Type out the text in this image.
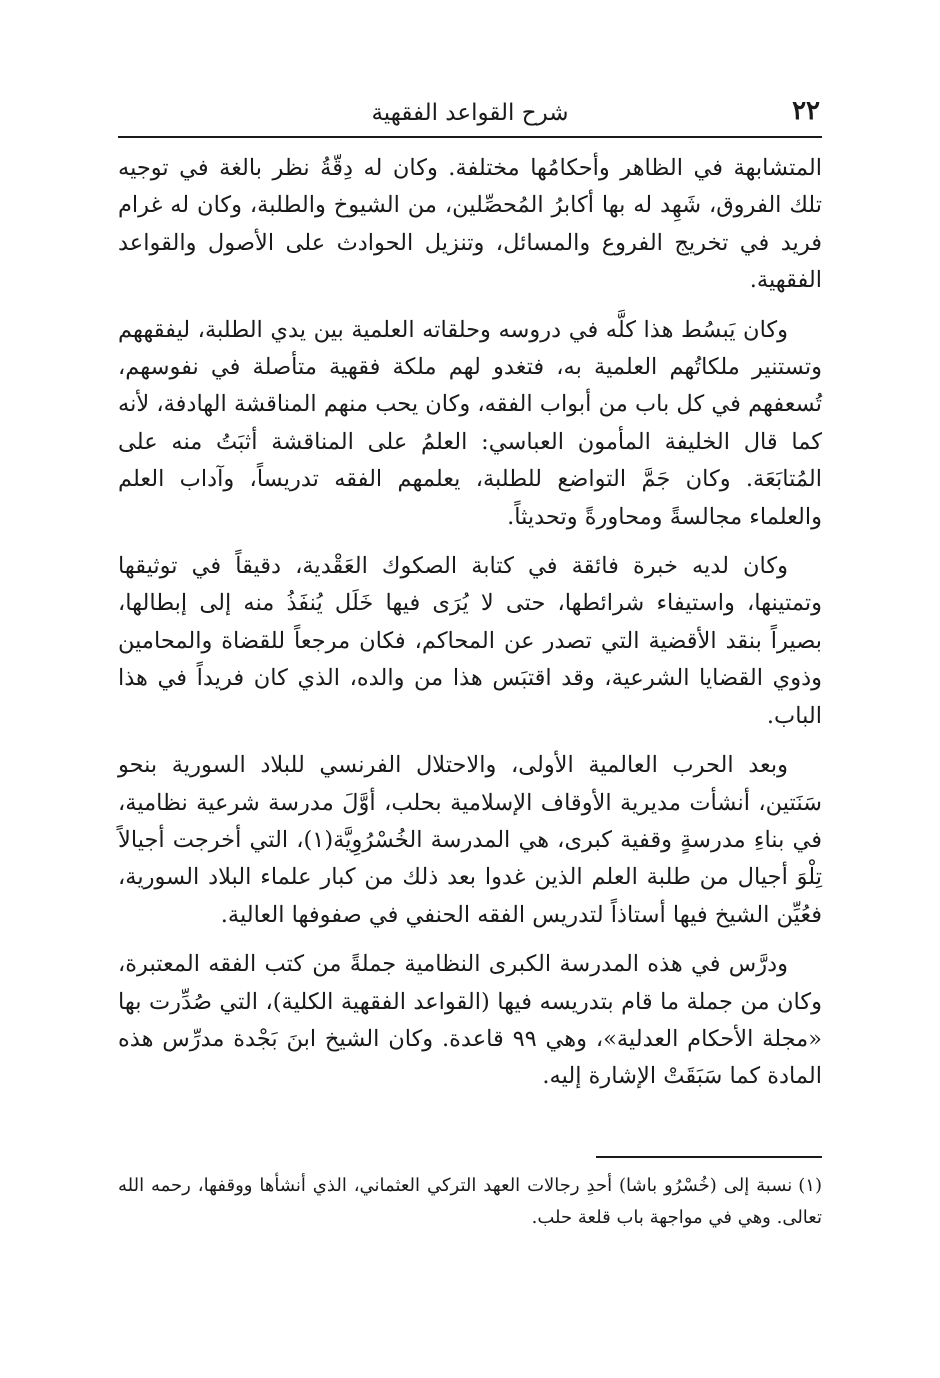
٢٢
شرح القواعد الفقهية

المتشابهة في الظاهر وأحكامُها مختلفة. وكان له دِقّةُ نظر بالغة في توجيه تلك الفروق، شَهِد له بها أكابرُ المُحصِّلين، من الشيوخ والطلبة، وكان له غرام فريد في تخريج الفروع والمسائل، وتنزيل الحوادث على الأصول والقواعد الفقهية.

وكان يَبسُط هذا كلَّه في دروسه وحلقاته العلمية بين يدي الطلبة، ليفقههم وتستنير ملكاتُهم العلمية به، فتغدو لهم ملكة فقهية متأصلة في نفوسهم، تُسعفهم في كل باب من أبواب الفقه، وكان يحب منهم المناقشة الهادفة، لأنه كما قال الخليفة المأمون العباسي: العلمُ على المناقشة أثبَتُ منه على المُتابَعَة. وكان جَمَّ التواضع للطلبة، يعلمهم الفقه تدريساً، وآداب العلم والعلماء مجالسةً ومحاورةً وتحديثاً.

وكان لديه خبرة فائقة في كتابة الصكوك العَقْدية، دقيقاً في توثيقها وتمتينها، واستيفاء شرائطها، حتى لا يُرَى فيها خَلَل يُنفَذُ منه إلى إبطالها، بصيراً بنقد الأقضية التي تصدر عن المحاكم، فكان مرجعاً للقضاة والمحامين وذوي القضايا الشرعية، وقد اقتبَس هذا من والده، الذي كان فريداً في هذا الباب.

وبعد الحرب العالمية الأولى، والاحتلال الفرنسي للبلاد السورية بنحو سَنَتين، أنشأت مديرية الأوقاف الإسلامية بحلب، أوَّلَ مدرسة شرعية نظامية، في بناءِ مدرسةٍ وقفية كبرى، هي المدرسة الخُسْرُوِيَّة(١)، التي أخرجت أجيالاً تِلْوَ أجيال من طلبة العلم الذين غدوا بعد ذلك من كبار علماء البلاد السورية، فعُيِّن الشيخ فيها أستاذاً لتدريس الفقه الحنفي في صفوفها العالية.

ودرَّس في هذه المدرسة الكبرى النظامية جملةً من كتب الفقه المعتبرة، وكان من جملة ما قام بتدريسه فيها (القواعد الفقهية الكلية)، التي صُدِّرت بها «مجلة الأحكام العدلية»، وهي ٩٩ قاعدة. وكان الشيخ ابنَ بَجْدة مدرِّس هذه المادة كما سَبَقَتْ الإشارة إليه.

(١)نسبة إلى (خُسْرُو باشا) أحدِ رجالات العهد التركي العثماني، الذي أنشأها ووقفها، رحمه الله تعالى. وهي في مواجهة باب قلعة حلب.
